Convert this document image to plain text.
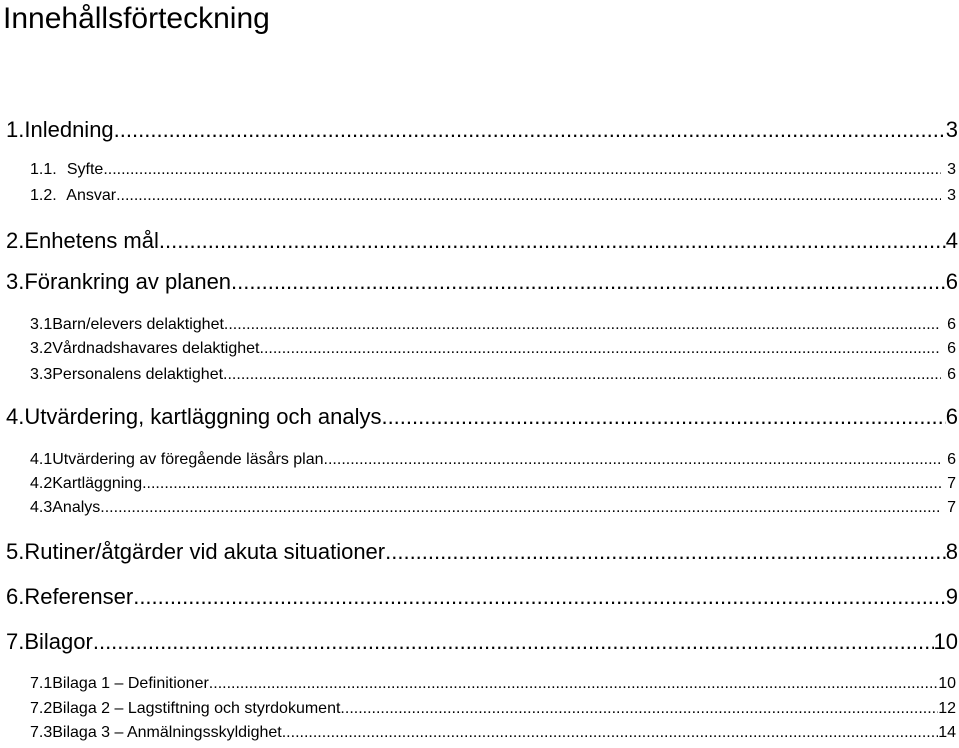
Innehållsförteckning
1. Inledning .....	3
1.1. Syfte .....	3
1.2. Ansvar .....	3
2. Enhetens mål .....	4
3. Förankring av planen .....	6
3.1 Barn/elevers delaktighet .....	6
3.2 Vårdnadshavares delaktighet .....	6
3.3 Personalens delaktighet .....	6
4. Utvärdering, kartläggning och analys .....	6
4.1 Utvärdering av föregående läsårs plan .....	6
4.2 Kartläggning .....	7
4.3 Analys .....	7
5. Rutiner/åtgärder vid akuta situationer .....	8
6. Referenser .....	9
7. Bilagor .....	10
7.1 Bilaga 1 – Definitioner .....	10
7.2 Bilaga 2 – Lagstiftning och styrdokument .....	12
7.3 Bilaga 3 – Anmälningsskyldighet .....	14
